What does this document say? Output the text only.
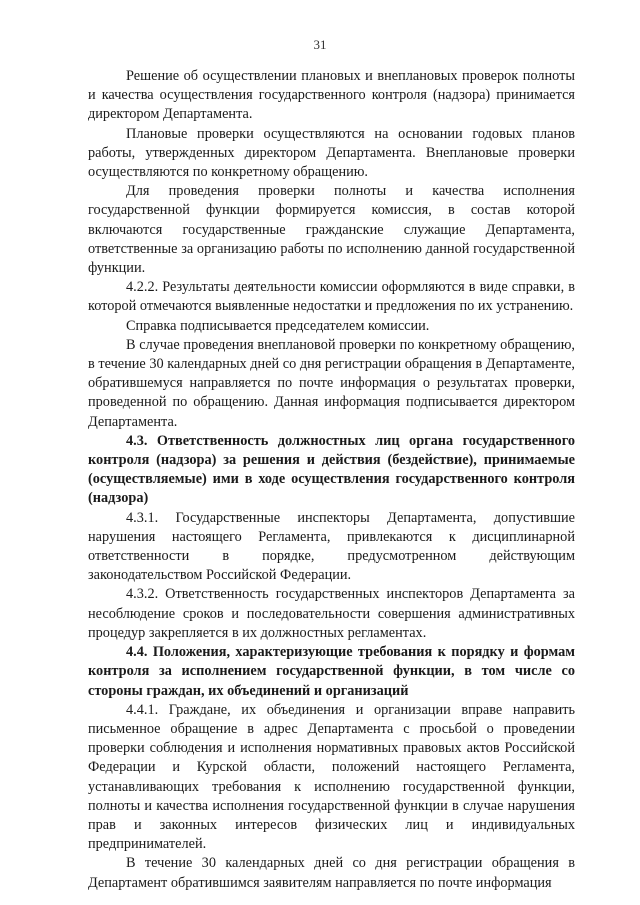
31

Решение об осуществлении плановых и внеплановых проверок полноты и качества осуществления государственного контроля (надзора) принимается директором Департамента.

Плановые проверки осуществляются на основании годовых планов работы, утвержденных директором Департамента. Внеплановые проверки осуществляются по конкретному обращению.

Для проведения проверки полноты и качества исполнения государственной функции формируется комиссия, в состав которой включаются государственные гражданские служащие Департамента, ответственные за организацию работы по исполнению данной государственной функции.

4.2.2. Результаты деятельности комиссии оформляются в виде справки, в которой отмечаются выявленные недостатки и предложения по их устранению.

Справка подписывается председателем комиссии.

В случае проведения внеплановой проверки по конкретному обращению, в течение 30 календарных дней со дня регистрации обращения в Департаменте, обратившемуся направляется по почте информация о результатах проверки, проведенной по обращению. Данная информация подписывается директором Департамента.

4.3. Ответственность должностных лиц органа государственного контроля (надзора) за решения и действия (бездействие), принимаемые (осуществляемые) ими в ходе осуществления государственного контроля (надзора)

4.3.1. Государственные инспекторы Департамента, допустившие нарушения настоящего Регламента, привлекаются к дисциплинарной ответственности в порядке, предусмотренном действующим законодательством Российской Федерации.

4.3.2. Ответственность государственных инспекторов Департамента за несоблюдение сроков и последовательности совершения административных процедур закрепляется в их должностных регламентах.

4.4. Положения, характеризующие требования к порядку и формам контроля за исполнением государственной функции, в том числе со стороны граждан, их объединений и организаций

4.4.1. Граждане, их объединения и организации вправе направить письменное обращение в адрес Департамента с просьбой о проведении проверки соблюдения и исполнения нормативных правовых актов Российской Федерации и Курской области, положений настоящего Регламента, устанавливающих требования к исполнению государственной функции, полноты и качества исполнения государственной функции в случае нарушения прав и законных интересов физических лиц и индивидуальных предпринимателей.

В течение 30 календарных дней со дня регистрации обращения в Департамент обратившимся заявителям направляется по почте информация
